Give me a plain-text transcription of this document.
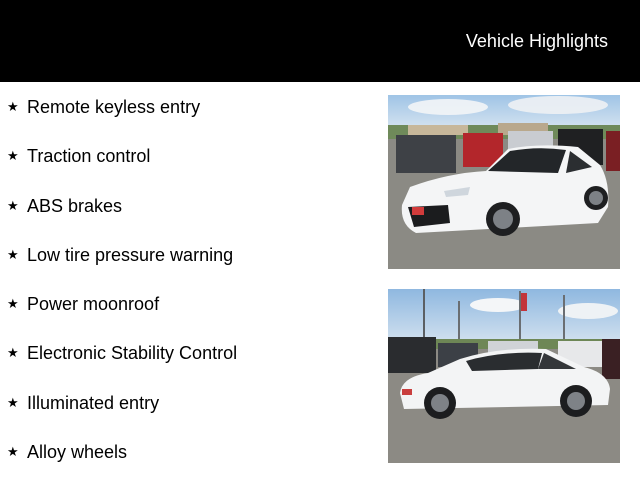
Vehicle Highlights
★ Remote keyless entry
★ Traction control
★ ABS brakes
★ Low tire pressure warning
★ Power moonroof
★ Electronic Stability Control
★ Illuminated entry
★ Alloy wheels
